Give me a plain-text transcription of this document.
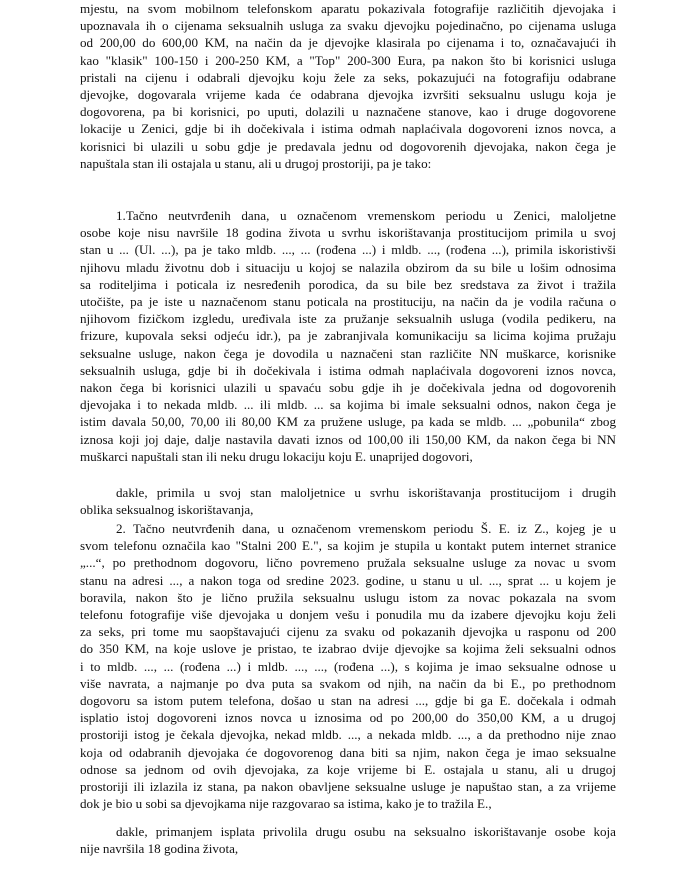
mjestu, na svom mobilnom telefonskom aparatu pokazivala fotografije različitih djevojaka i
upoznavala ih o cijenama seksualnih usluga za svaku djevojku pojedinačno, po cijenama usluga
od 200,00 do 600,00 KM, na način da je djevojke klasirala po cijenama i to, označavajući ih
kao "klasik" 100-150 i 200-250 KM, a "Top" 200-300 Eura, pa nakon što bi korisnici usluga
pristali na cijenu i odabrali djevojku koju žele za seks, pokazujući na fotografiju odabrane
djevojke, dogovarala vrijeme kada će odabrana djevojka izvršiti seksualnu uslugu koja je
dogovorena, pa bi korisnici, po uputi, dolazili u naznačene stanove, kao i druge dogovorene
lokacije u Zenici, gdje bi ih dočekivala i istima odmah naplaćivala dogovoreni iznos novca, a
korisnici bi ulazili u sobu gdje je predavala jednu od dogovorenih djevojaka, nakon čega je
napuštala stan ili ostajala u stanu, ali u drugoj prostoriji, pa je tako:
1.Tačno neutvrđenih dana, u označenom vremenskom periodu u Zenici, maloljetne
osobe koje nisu navršile 18 godina života u svrhu iskorištavanja prostitucijom primila u svoj
stan u ... (Ul. ...), pa je tako mldb. ..., ... (rođena ...) i mldb. ..., (rođena ...), primila iskoristivši
njihovu mladu životnu dob i situaciju u kojoj se nalazila obzirom da su bile u lošim odnosima
sa roditeljima i poticala iz nesređenih porodica, da su bile bez sredstava za život i tražila
utočište, pa je iste u naznačenom stanu poticala na prostituciju, na način da je vodila računa o
njihovom fizičkom izgledu, uređivala iste za pružanje seksualnih usluga (vodila pedikeru, na
frizure, kupovala seksi odjeću idr.), pa je zabranjivala komunikaciju sa licima kojima pružaju
seksualne usluge, nakon čega je dovodila u naznačeni stan različite NN muškarce, korisnike
seksualnih usluga, gdje bi ih dočekivala i istima odmah naplaćivala dogovoreni iznos novca,
nakon čega bi korisnici ulazili u spavaću sobu gdje ih je dočekivala jedna od dogovorenih
djevojaka i to nekada mldb. ... ili mldb. ... sa kojima bi imale seksualni odnos, nakon čega je
istim davala 50,00, 70,00 ili 80,00 KM za pružene usluge, pa kada se mldb. ... „pobunila“ zbog
iznosa koji joj daje, dalje nastavila davati iznos od 100,00 ili 150,00 KM, da nakon čega bi NN
muškarci napuštali stan ili neku drugu lokaciju koju E. unaprijed dogovori,
dakle, primila u svoj stan maloljetnice u svrhu iskorištavanja prostitucijom i drugih
oblika seksualnog iskorištavanja,
2. Tačno neutvrđenih dana, u označenom vremenskom periodu Š. E. iz Z., kojeg je u
svom telefonu označila kao "Stalni 200 E.", sa kojim je stupila u kontakt putem internet stranice
„...“, po prethodnom dogovoru, lično povremeno pružala seksualne usluge za novac u svom
stanu na adresi ..., a nakon toga od sredine 2023. godine, u stanu u ul. ..., sprat ... u kojem je
boravila, nakon što je lično pružila seksualnu uslugu istom za novac pokazala na svom
telefonu fotografije više djevojaka u donjem vešu i ponudila mu da izabere djevojku koju želi
za seks, pri tome mu saopštavajući cijenu za svaku od pokazanih djevojka u rasponu od 200
do 350 KM, na koje uslove je pristao, te izabrao dvije djevojke sa kojima želi seksualni odnos
i to mldb. ..., ... (rođena ...) i mldb. ..., ..., (rođena ...), s kojima je imao seksualne odnose u
više navrata, a najmanje po dva puta sa svakom od njih, na način da bi E., po prethodnom
dogovoru sa istom putem telefona, došao u stan na adresi ..., gdje bi ga E. dočekala i odmah
isplatio istoj dogovoreni iznos novca u iznosima od po 200,00 do 350,00 KM, a u drugoj
prostoriji istog je čekala djevojka, nekad mldb. ..., a nekada mldb. ..., a da prethodno nije znao
koja od odabranih djevojaka će dogovorenog dana biti sa njim, nakon čega je imao seksualne
odnose sa jednom od ovih djevojaka, za koje vrijeme bi E. ostajala u stanu, ali u drugoj
prostoriji ili izlazila iz stana, pa nakon obavljene seksualne usluge je napuštao stan, a za vrijeme
dok je bio u sobi sa djevojkama nije razgovarao sa istima, kako je to tražila E.,
dakle, primanjem isplata privolila drugu osubu na seksualno iskorištavanje osobe koja
nije navršila 18 godina života,
